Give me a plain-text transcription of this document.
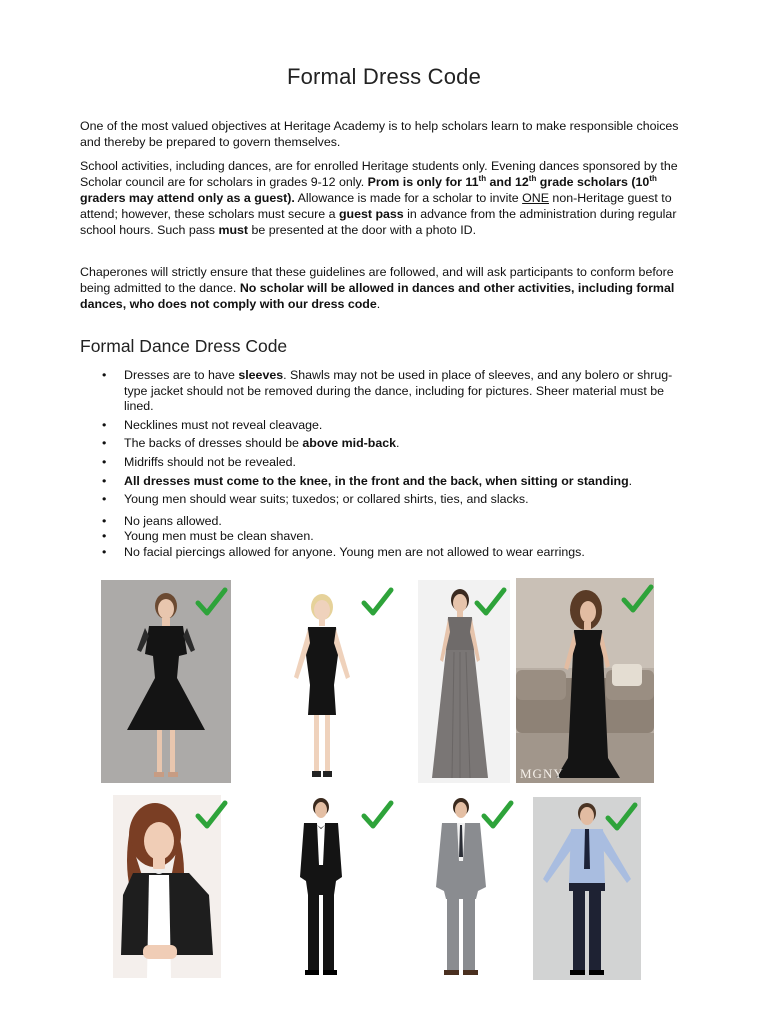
Formal Dress Code

One of the most valued objectives at Heritage Academy is to help scholars learn to make responsible choices and thereby be prepared to govern themselves.

School activities, including dances, are for enrolled Heritage students only. Evening dances sponsored by the Scholar council are for scholars in grades 9-12 only. Prom is only for 11th and 12th grade scholars (10th graders may attend only as a guest). Allowance is made for a scholar to invite ONE non-Heritage guest to attend; however, these scholars must secure a guest pass in advance from the administration during regular school hours. Such pass must be presented at the door with a photo ID.

Chaperones will strictly ensure that these guidelines are followed, and will ask participants to conform before being admitted to the dance. No scholar will be allowed in dances and other activities, including formal dances, who does not comply with our dress code.

Formal Dance Dress Code
• Dresses are to have sleeves. Shawls may not be used in place of sleeves, and any bolero or shrug-type jacket should not be removed during the dance, including for pictures. Sheer material must be lined.
• Necklines must not reveal cleavage.
• The backs of dresses should be above mid-back.
• Midriffs should not be revealed.
• All dresses must come to the knee, in the front and the back, when sitting or standing.
• Young men should wear suits; tuxedos; or collared shirts, ties, and slacks.
• No jeans allowed.
• Young men must be clean shaven.
• No facial piercings allowed for anyone. Young men are not allowed to wear earrings.
MGNY
